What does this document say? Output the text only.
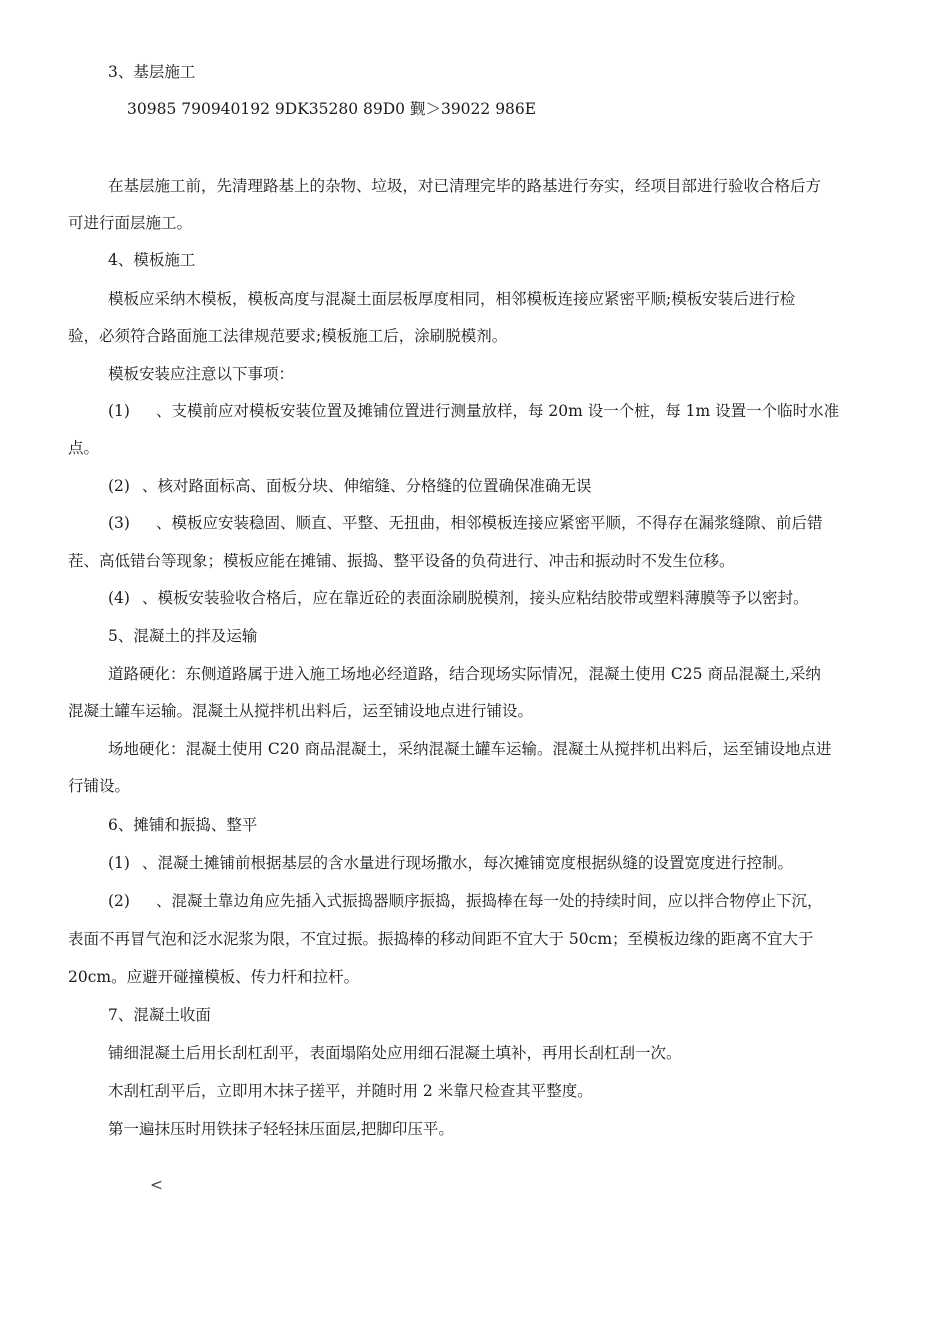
3、基层施工
30985 790940192 9DK35280 89D0 觐＞39022 986E
在基层施工前，先清理路基上的杂物、垃圾，对已清理完毕的路基进行夯实，经项目部进行验收合格后方
可进行面层施工。
4、模板施工
模板应采纳木模板，模板高度与混凝土面层板厚度相同，相邻模板连接应紧密平顺;模板安装后进行检
验，必须符合路面施工法律规范要求;模板施工后，涂刷脱模剂。
模板安装应注意以下事项：
(1) 、支模前应对模板安装位置及摊铺位置进行测量放样，每 20m 设一个桩，每 1m 设置一个临时水准
点。
(2) 、核对路面标高、面板分块、伸缩缝、分格缝的位置确保准确无误
(3) 、模板应安装稳固、顺直、平整、无扭曲，相邻模板连接应紧密平顺，不得存在漏浆缝隙、前后错
茬、高低错台等现象；模板应能在摊铺、振捣、整平设备的负荷进行、冲击和振动时不发生位移。
(4) 、模板安装验收合格后，应在靠近砼的表面涂刷脱模剂，接头应粘结胶带或塑料薄膜等予以密封。
5、混凝土的拌及运输
道路硬化：东侧道路属于进入施工场地必经道路，结合现场实际情况，混凝土使用 C25 商品混凝土,采纳
混凝土罐车运输。混凝土从搅拌机出料后，运至铺设地点进行铺设。
场地硬化：混凝土使用 C20 商品混凝土，采纳混凝土罐车运输。混凝土从搅拌机出料后，运至铺设地点进
行铺设。
6、摊铺和振捣、整平
(1) 、混凝土摊铺前根据基层的含水量进行现场撒水，每次摊铺宽度根据纵缝的设置宽度进行控制。
(2) 、混凝土靠边角应先插入式振捣器顺序振捣，振捣棒在每一处的持续时间，应以拌合物停止下沉，
表面不再冒气泡和泛水泥浆为限，不宜过振。振捣棒的移动间距不宜大于 50cm；至模板边缘的距离不宜大于
20cm。应避开碰撞模板、传力杆和拉杆。
7、混凝土收面
铺细混凝土后用长刮杠刮平，表面塌陷处应用细石混凝土填补，再用长刮杠刮一次。
木刮杠刮平后，立即用木抹子搓平，并随时用 2 米靠尺检查其平整度。
第一遍抹压时用铁抹子轻轻抹压面层,把脚印压平。
<
